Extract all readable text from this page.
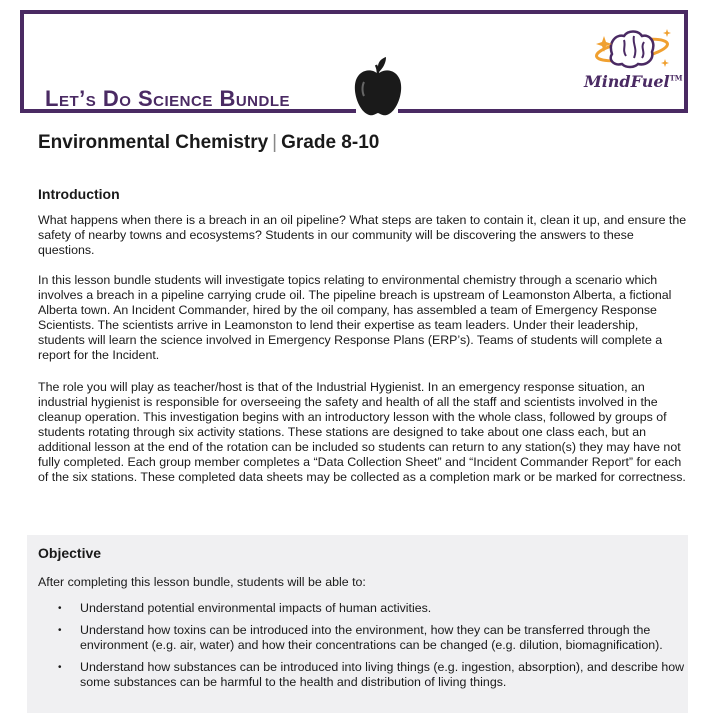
Let’s Do Science Bundle
MindFuel™
Environmental Chemistry | Grade 8-10
Introduction

What happens when there is a breach in an oil pipeline? What steps are taken to contain it, clean it up, and ensure the safety of nearby towns and ecosystems? Students in our community will be discovering the answers to these questions.

In this lesson bundle students will investigate topics relating to environmental chemistry through a scenario which involves a breach in a pipeline carrying crude oil. The pipeline breach is upstream of Leamonston Alberta, a fictional Alberta town. An Incident Commander, hired by the oil company, has assembled a team of Emergency Response Scientists. The scientists arrive in Leamonston to lend their expertise as team leaders. Under their leadership, students will learn the science involved in Emergency Response Plans (ERP’s). Teams of students will complete a report for the Incident.

The role you will play as teacher/host is that of the Industrial Hygienist. In an emergency response situation, an industrial hygienist is responsible for overseeing the safety and health of all the staff and scientists involved in the cleanup operation. This investigation begins with an introductory lesson with the whole class, followed by groups of students rotating through six activity stations. These stations are designed to take about one class each, but an additional lesson at the end of the rotation can be included so students can return to any station(s) they may have not fully completed. Each group member completes a “Data Collection Sheet” and “Incident Commander Report” for each of the six stations. These completed data sheets may be collected as a completion mark or be marked for correctness.

Objective

After completing this lesson bundle, students will be able to:

• Understand potential environmental impacts of human activities.
• Understand how toxins can be introduced into the environment, how they can be transferred through the environment (e.g. air, water) and how their concentrations can be changed (e.g. dilution, biomagnification).
• Understand how substances can be introduced into living things (e.g. ingestion, absorption), and describe how some substances can be harmful to the health and distribution of living things.
